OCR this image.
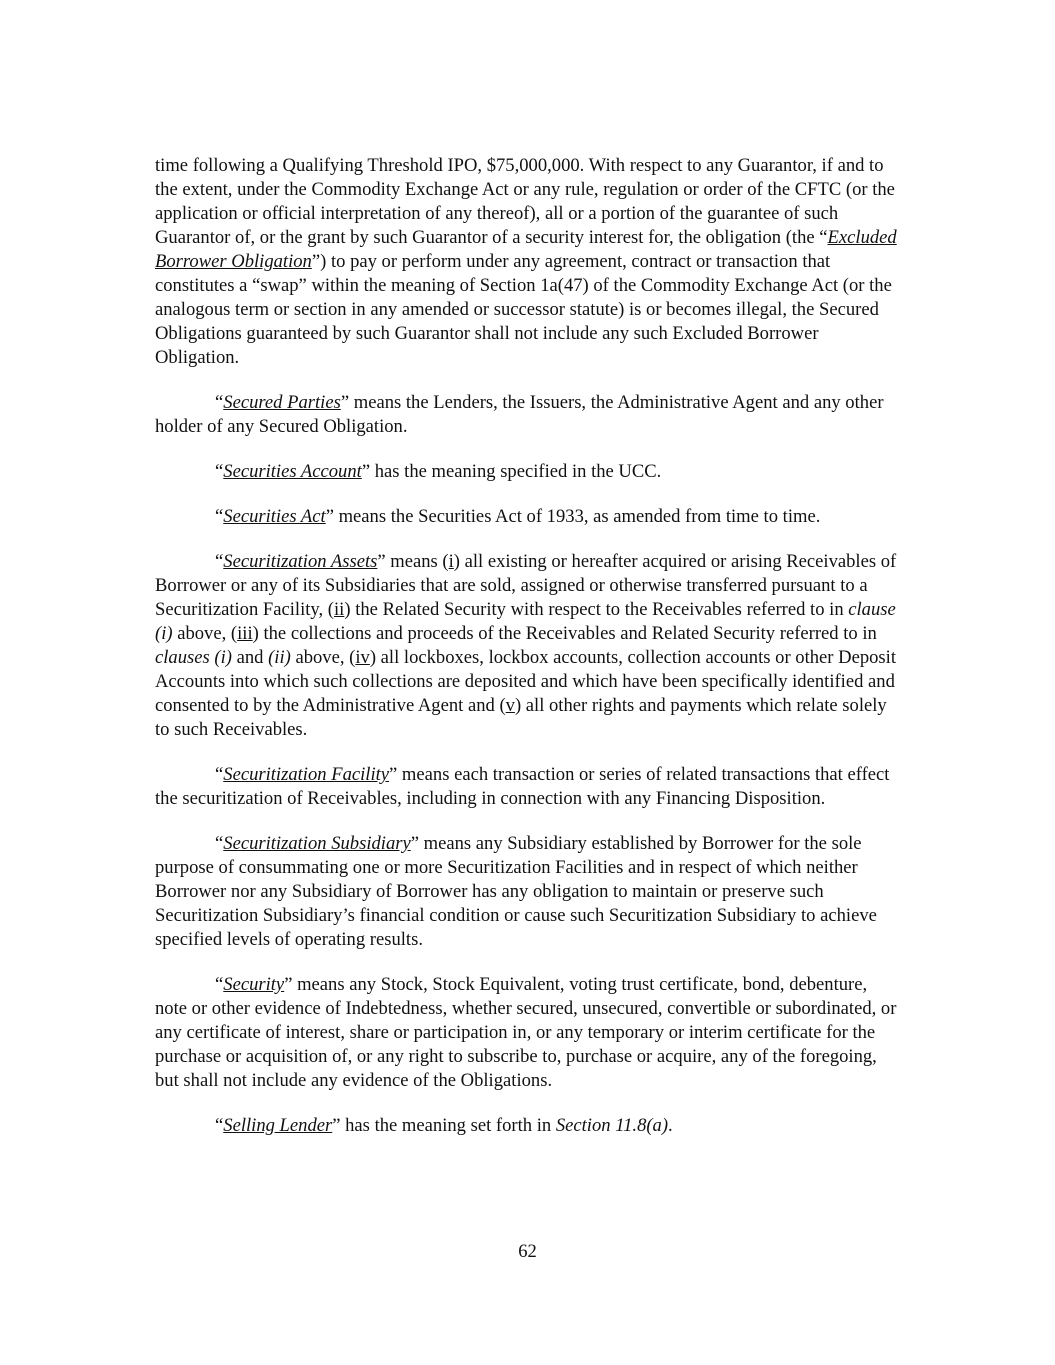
time following a Qualifying Threshold IPO, $75,000,000. With respect to any Guarantor, if and to the extent, under the Commodity Exchange Act or any rule, regulation or order of the CFTC (or the application or official interpretation of any thereof), all or a portion of the guarantee of such Guarantor of, or the grant by such Guarantor of a security interest for, the obligation (the “Excluded Borrower Obligation”) to pay or perform under any agreement, contract or transaction that constitutes a “swap” within the meaning of Section 1a(47) of the Commodity Exchange Act (or the analogous term or section in any amended or successor statute) is or becomes illegal, the Secured Obligations guaranteed by such Guarantor shall not include any such Excluded Borrower Obligation.

“Secured Parties” means the Lenders, the Issuers, the Administrative Agent and any other holder of any Secured Obligation.

“Securities Account” has the meaning specified in the UCC.

“Securities Act” means the Securities Act of 1933, as amended from time to time.

“Securitization Assets” means (i) all existing or hereafter acquired or arising Receivables of Borrower or any of its Subsidiaries that are sold, assigned or otherwise transferred pursuant to a Securitization Facility, (ii) the Related Security with respect to the Receivables referred to in clause (i) above, (iii) the collections and proceeds of the Receivables and Related Security referred to in clauses (i) and (ii) above, (iv) all lockboxes, lockbox accounts, collection accounts or other Deposit Accounts into which such collections are deposited and which have been specifically identified and consented to by the Administrative Agent and (v) all other rights and payments which relate solely to such Receivables.

“Securitization Facility” means each transaction or series of related transactions that effect the securitization of Receivables, including in connection with any Financing Disposition.

“Securitization Subsidiary” means any Subsidiary established by Borrower for the sole purpose of consummating one or more Securitization Facilities and in respect of which neither Borrower nor any Subsidiary of Borrower has any obligation to maintain or preserve such Securitization Subsidiary’s financial condition or cause such Securitization Subsidiary to achieve specified levels of operating results.

“Security” means any Stock, Stock Equivalent, voting trust certificate, bond, debenture, note or other evidence of Indebtedness, whether secured, unsecured, convertible or subordinated, or any certificate of interest, share or participation in, or any temporary or interim certificate for the purchase or acquisition of, or any right to subscribe to, purchase or acquire, any of the foregoing, but shall not include any evidence of the Obligations.

“Selling Lender” has the meaning set forth in Section 11.8(a).

62
